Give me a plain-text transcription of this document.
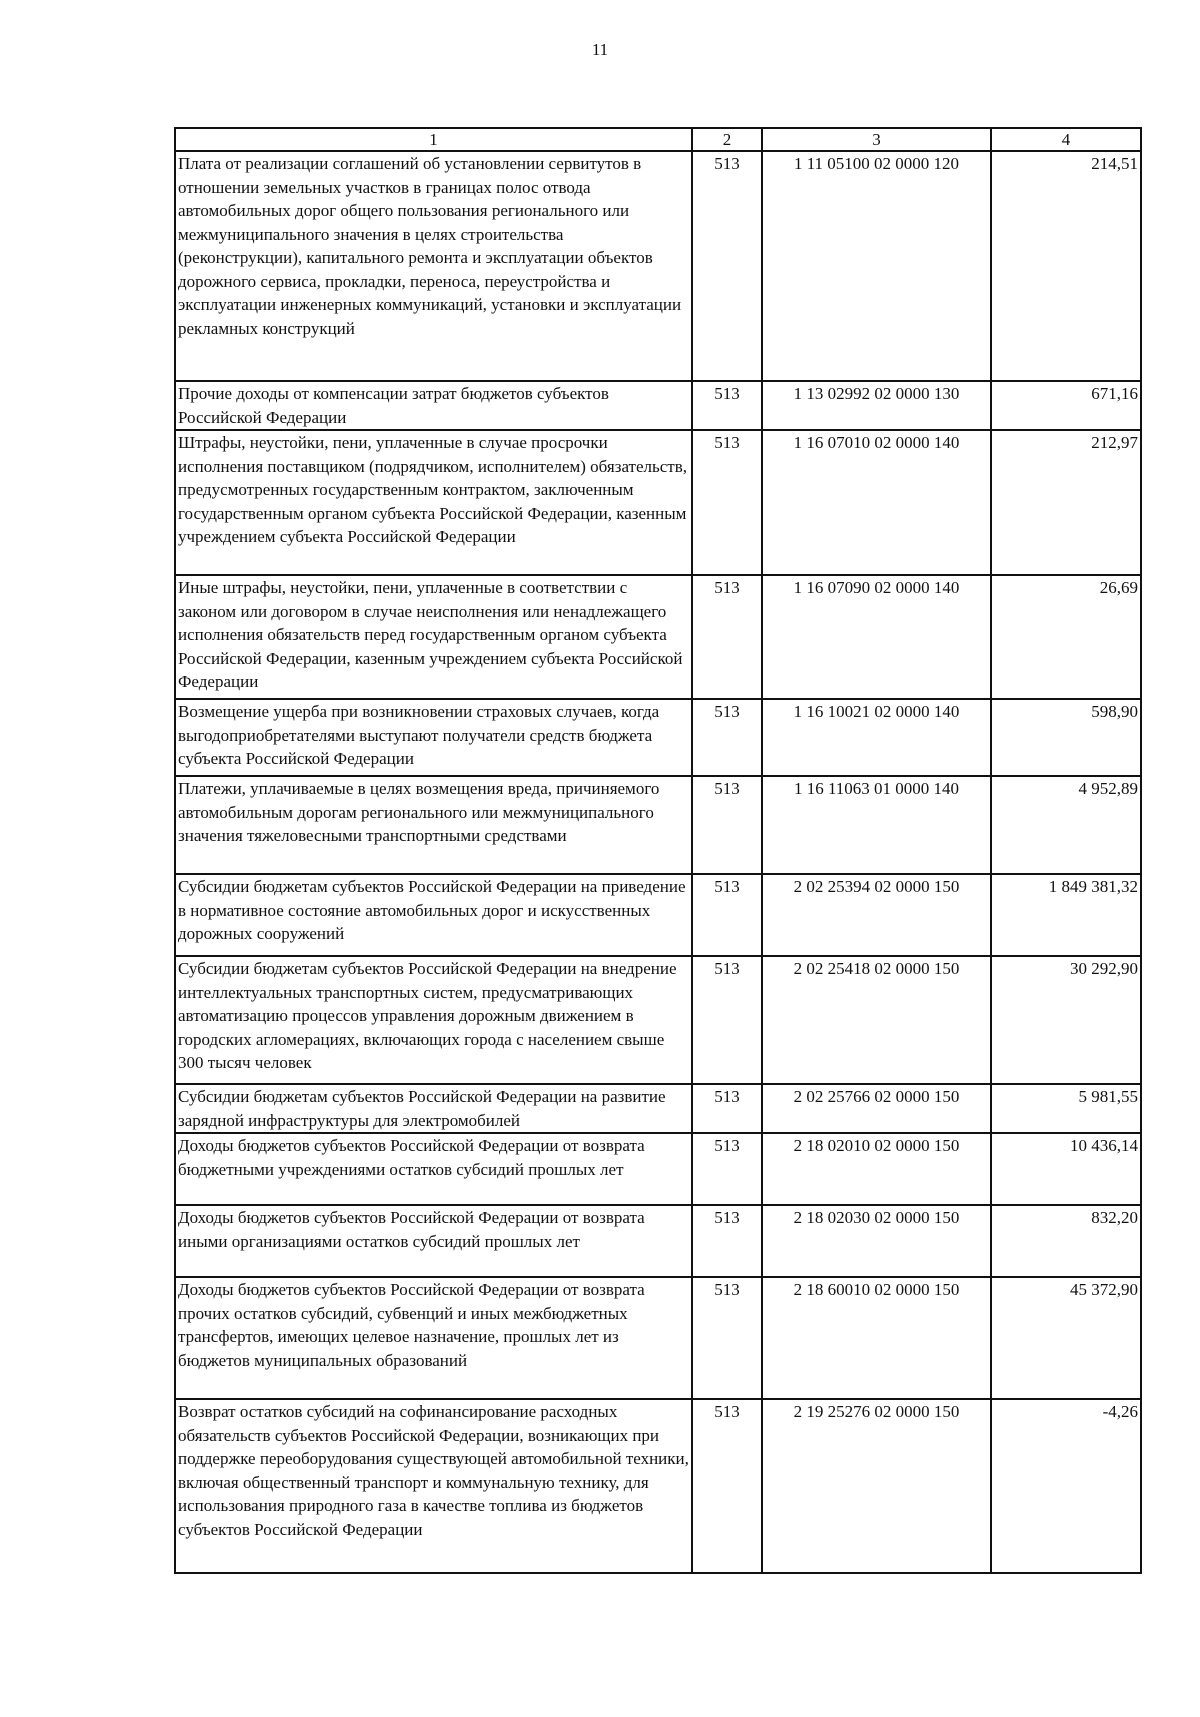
11
1	2	3	4
Плата от реализации соглашений об установлении сервитутов в отношении земельных участков в границах полос отвода автомобильных дорог общего пользования регионального или межмуниципального значения в целях строительства (реконструкции), капитального ремонта и эксплуатации объектов дорожного сервиса, прокладки, переноса, переустройства и эксплуатации инженерных коммуникаций, установки и эксплуатации рекламных конструкций	513	1 11 05100 02 0000 120	214,51
Прочие доходы от компенсации затрат бюджетов субъектов Российской Федерации	513	1 13 02992 02 0000 130	671,16
Штрафы, неустойки, пени, уплаченные в случае просрочки исполнения поставщиком (подрядчиком, исполнителем) обязательств, предусмотренных государственным контрактом, заключенным государственным органом субъекта Российской Федерации, казенным учреждением субъекта Российской Федерации	513	1 16 07010 02 0000 140	212,97
Иные штрафы, неустойки, пени, уплаченные в соответствии с законом или договором в случае неисполнения или ненадлежащего исполнения обязательств перед государственным органом субъекта Российской Федерации, казенным учреждением субъекта Российской Федерации	513	1 16 07090 02 0000 140	26,69
Возмещение ущерба при возникновении страховых случаев, когда выгодоприобретателями выступают получатели средств бюджета субъекта Российской Федерации	513	1 16 10021 02 0000 140	598,90
Платежи, уплачиваемые в целях возмещения вреда, причиняемого автомобильным дорогам регионального или межмуниципального значения тяжеловесными транспортными средствами	513	1 16 11063 01 0000 140	4 952,89
Субсидии бюджетам субъектов Российской Федерации на приведение в нормативное состояние автомобильных дорог и искусственных дорожных сооружений	513	2 02 25394 02 0000 150	1 849 381,32
Субсидии бюджетам субъектов Российской Федерации на внедрение интеллектуальных транспортных систем, предусматривающих автоматизацию процессов управления дорожным движением в городских агломерациях, включающих города с населением свыше 300 тысяч человек	513	2 02 25418 02 0000 150	30 292,90
Субсидии бюджетам субъектов Российской Федерации на развитие зарядной инфраструктуры для электромобилей	513	2 02 25766 02 0000 150	5 981,55
Доходы бюджетов субъектов Российской Федерации от возврата бюджетными учреждениями остатков субсидий прошлых лет	513	2 18 02010 02 0000 150	10 436,14
Доходы бюджетов субъектов Российской Федерации от возврата иными организациями остатков субсидий прошлых лет	513	2 18 02030 02 0000 150	832,20
Доходы бюджетов субъектов Российской Федерации от возврата прочих остатков субсидий, субвенций и иных межбюджетных трансфертов, имеющих целевое назначение, прошлых лет из бюджетов муниципальных образований	513	2 18 60010 02 0000 150	45 372,90
Возврат остатков субсидий на софинансирование расходных обязательств субъектов Российской Федерации, возникающих при поддержке переоборудования существующей автомобильной техники, включая общественный транспорт и коммунальную технику, для использования природного газа в качестве топлива из бюджетов субъектов Российской Федерации	513	2 19 25276 02 0000 150	-4,26
